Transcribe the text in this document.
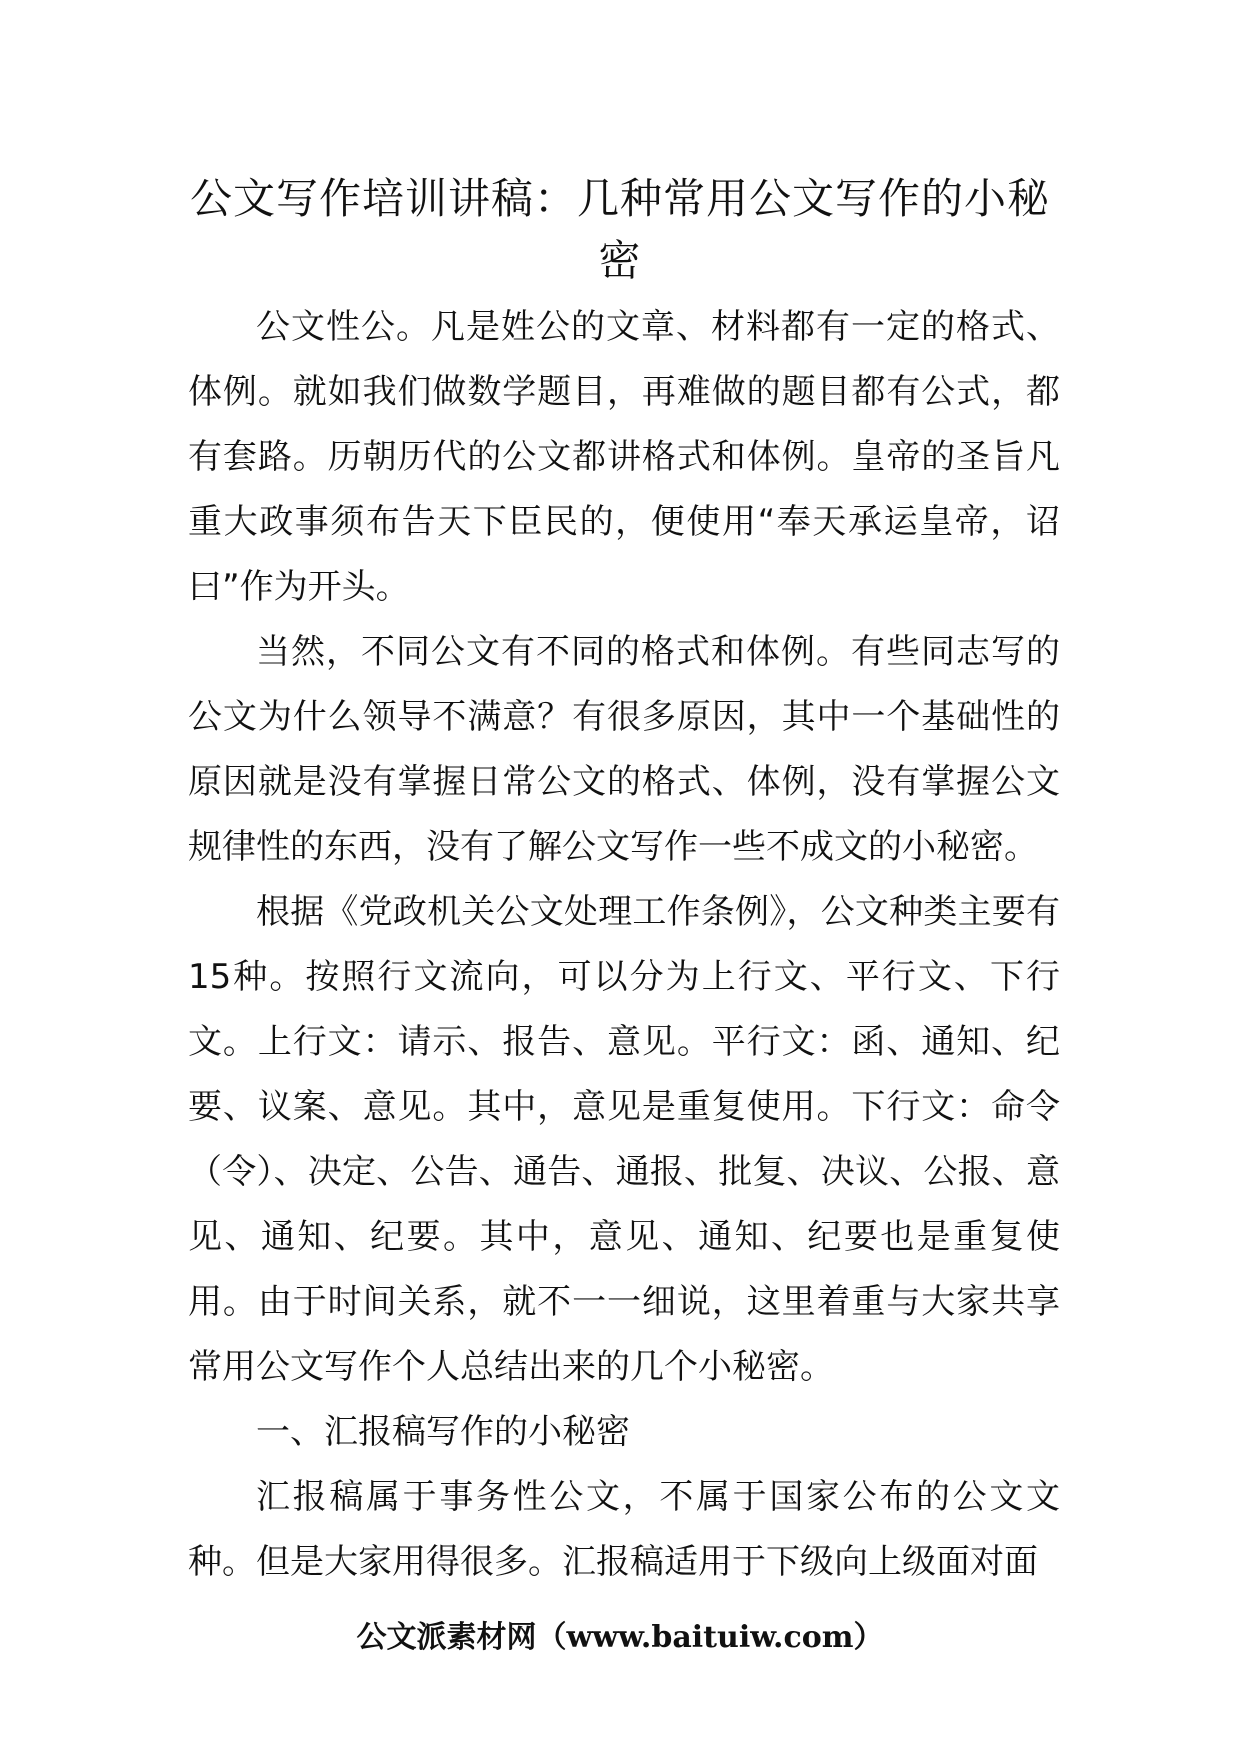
公文写作培训讲稿：几种常用公文写作的小秘密

公文性公。凡是姓公的文章、材料都有一定的格式、体例。就如我们做数学题目，再难做的题目都有公式，都有套路。历朝历代的公文都讲格式和体例。皇帝的圣旨凡重大政事须布告天下臣民的，便使用“奉天承运皇帝，诏曰”作为开头。

当然，不同公文有不同的格式和体例。有些同志写的公文为什么领导不满意？有很多原因，其中一个基础性的原因就是没有掌握日常公文的格式、体例，没有掌握公文规律性的东西，没有了解公文写作一些不成文的小秘密。

根据《党政机关公文处理工作条例》，公文种类主要有15种。按照行文流向，可以分为上行文、平行文、下行文。上行文：请示、报告、意见。平行文：函、通知、纪要、议案、意见。其中，意见是重复使用。下行文：命令（令）、决定、公告、通告、通报、批复、决议、公报、意见、通知、纪要。其中，意见、通知、纪要也是重复使用。由于时间关系，就不一一细说，这里着重与大家共享常用公文写作个人总结出来的几个小秘密。

一、汇报稿写作的小秘密

汇报稿属于事务性公文，不属于国家公布的公文文种。但是大家用得很多。汇报稿适用于下级向上级面对面

公文派素材网（www.baituiw.com）
